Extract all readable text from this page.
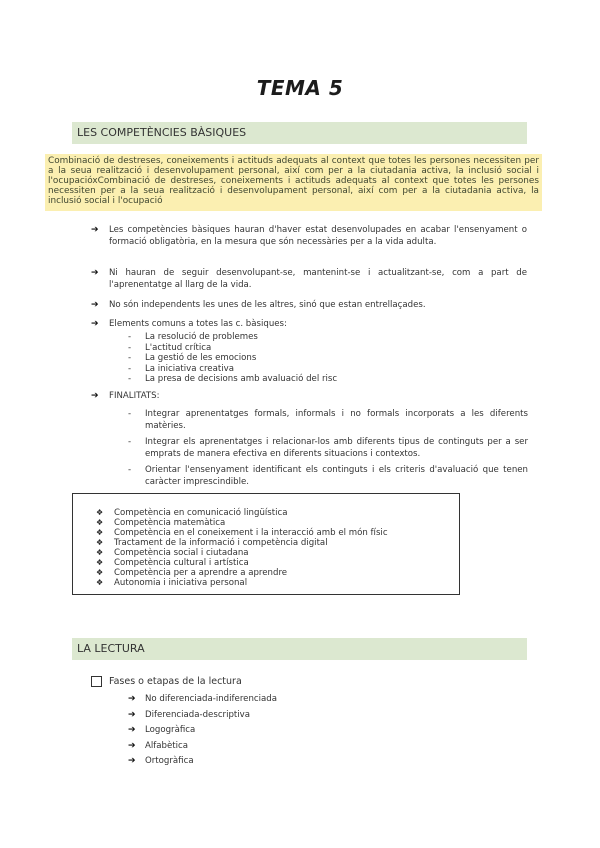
TEMA 5
LES COMPETÈNCIES BÀSIQUES
Combinació de destreses, coneixements i actituds adequats al context que totes les persones necessiten per a la seua realització i desenvolupament personal, així com per a la ciutadania activa, la inclusió social i l'ocupacióxCombinació de destreses, coneixements i actituds adequats al context que totes les persones necessiten per a la seua realització i desenvolupament personal, així com per a la ciutadania activa, la inclusió social i l'ocupació
➔ Les competències bàsiques hauran d'haver estat desenvolupades en acabar l'ensenyament o formació obligatòria, en la mesura que són necessàries per a la vida adulta.
➔ Ni hauran de seguir desenvolupant-se, mantenint-se i actualitzant-se, com a part de l'aprenentatge al llarg de la vida.
➔ No són independents les unes de les altres, sinó que estan entrellaçades.
➔ Elements comuns a totes las c. bàsiques:
- La resolució de problemes
- L'actitud crítica
- La gestió de les emocions
- La iniciativa creativa
- La presa de decisions amb avaluació del risc
➔ FINALITATS:
- Integrar aprenentatges formals, informals i no formals incorporats a les diferents matèries.
- Integrar els aprenentatges i relacionar-los amb diferents tipus de continguts per a ser emprats de manera efectiva en diferents situacions i contextos.
- Orientar l'ensenyament identificant els continguts i els criteris d'avaluació que tenen caràcter imprescindible.
❖ Competència en comunicació lingüística
❖ Competència matemàtica
❖ Competència en el coneixement i la interacció amb el món físic
❖ Tractament de la informació i competència digital
❖ Competència social i ciutadana
❖ Competència cultural i artística
❖ Competència per a aprendre a aprendre
❖ Autonomia i iniciativa personal
LA LECTURA
Fases o etapas de la lectura
➔ No diferenciada-indiferenciada
➔ Diferenciada-descriptiva
➔ Logogràfica
➔ Alfabètica
➔ Ortogràfica
